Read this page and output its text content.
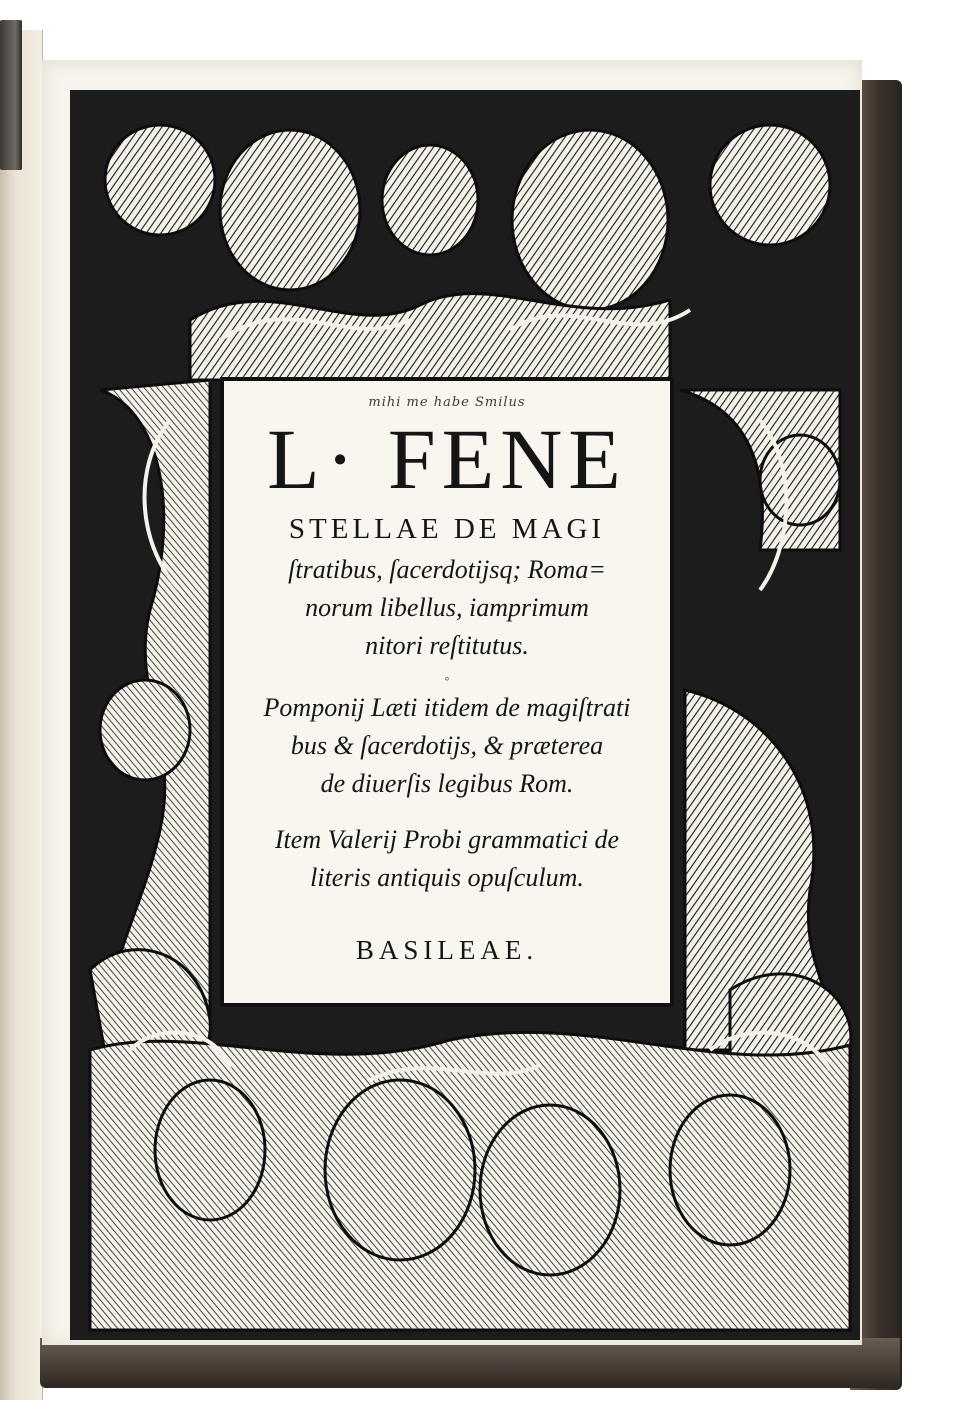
mihi me habe Smilus
L· FENE
STELLAE DE MAGI
ſtratibus, ſacerdotijsq; Roma=
norum libellus, iamprimum
nitori reſtitutus.
◦
Pomponij Læti itidem de magiſtrati
bus & ſacerdotijs, & præterea
de diuerſis legibus Rom.
Item Valerij Probi grammatici de
literis antiquis opuſculum.
BASILEAE.
